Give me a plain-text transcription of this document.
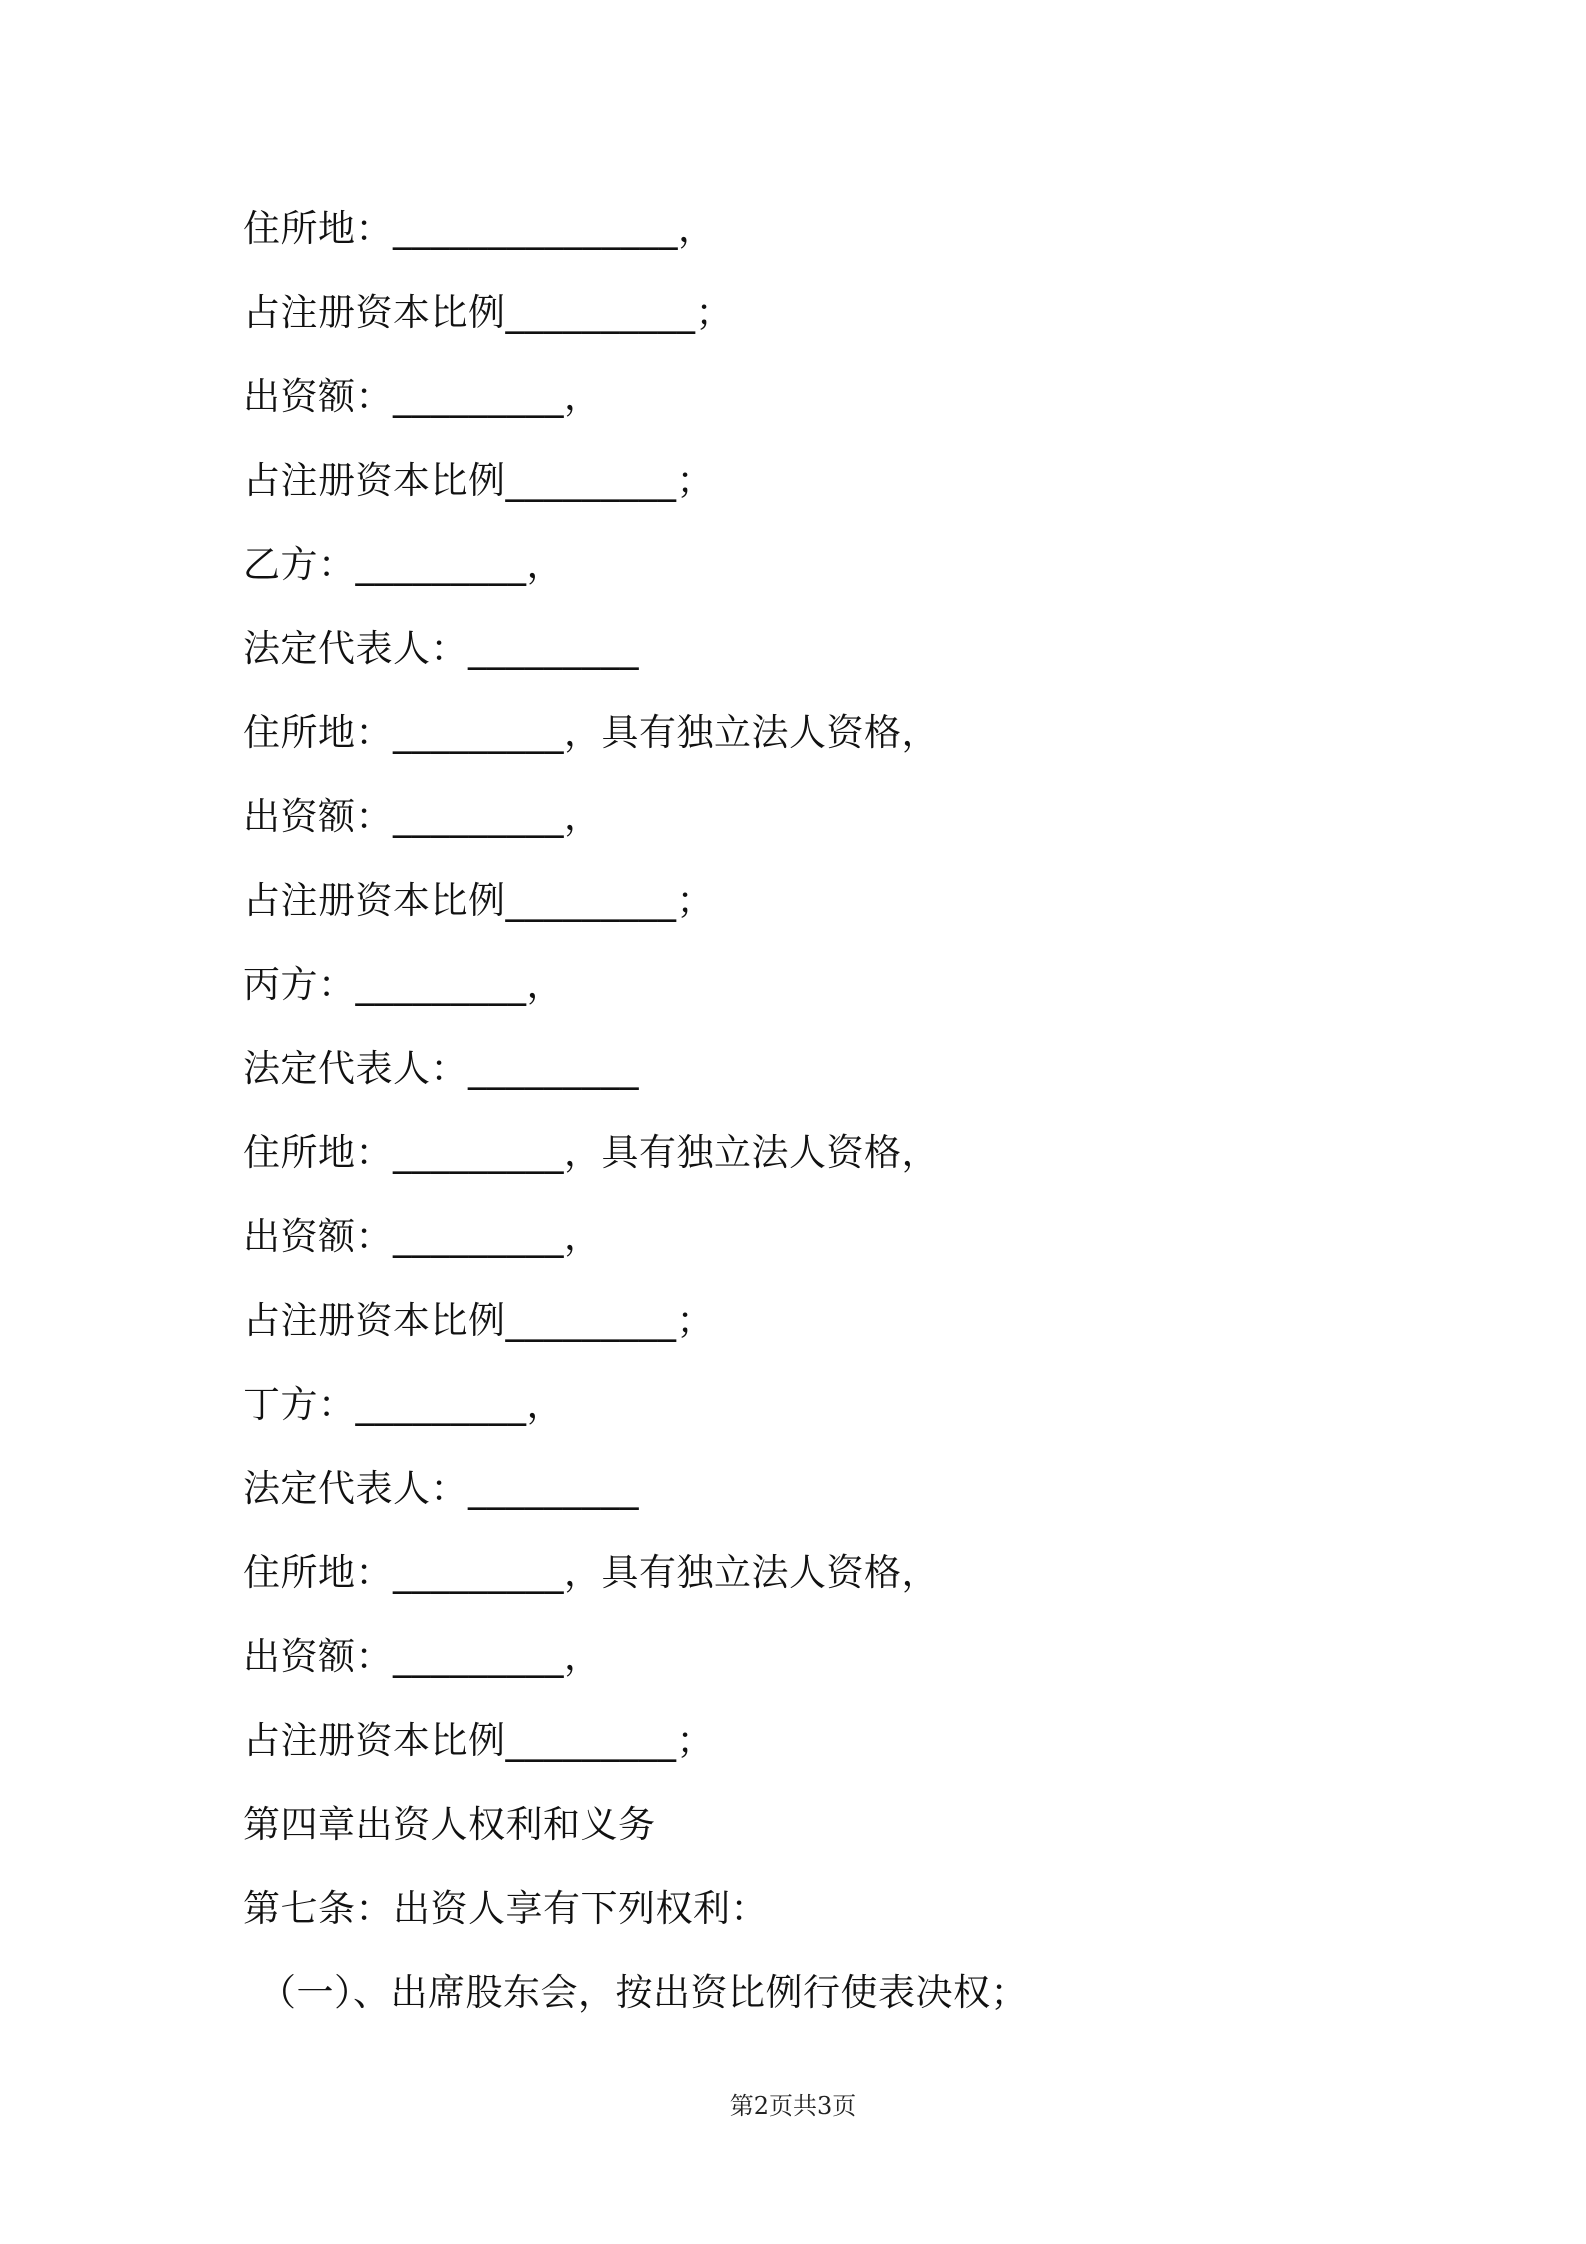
住所地：_______________，
占注册资本比例__________；
出资额：_________，
占注册资本比例_________；
乙方：_________，
法定代表人：_________
住所地：_________，具有独立法人资格，
出资额：_________，
占注册资本比例_________；
丙方：_________，
法定代表人：_________
住所地：_________，具有独立法人资格，
出资额：_________，
占注册资本比例_________；
丁方：_________，
法定代表人：_________
住所地：_________，具有独立法人资格，
出资额：_________，
占注册资本比例_________；
第四章出资人权利和义务
第七条：出资人享有下列权利：
（一）、出席股东会，按出资比例行使表决权；
第2页共3页
